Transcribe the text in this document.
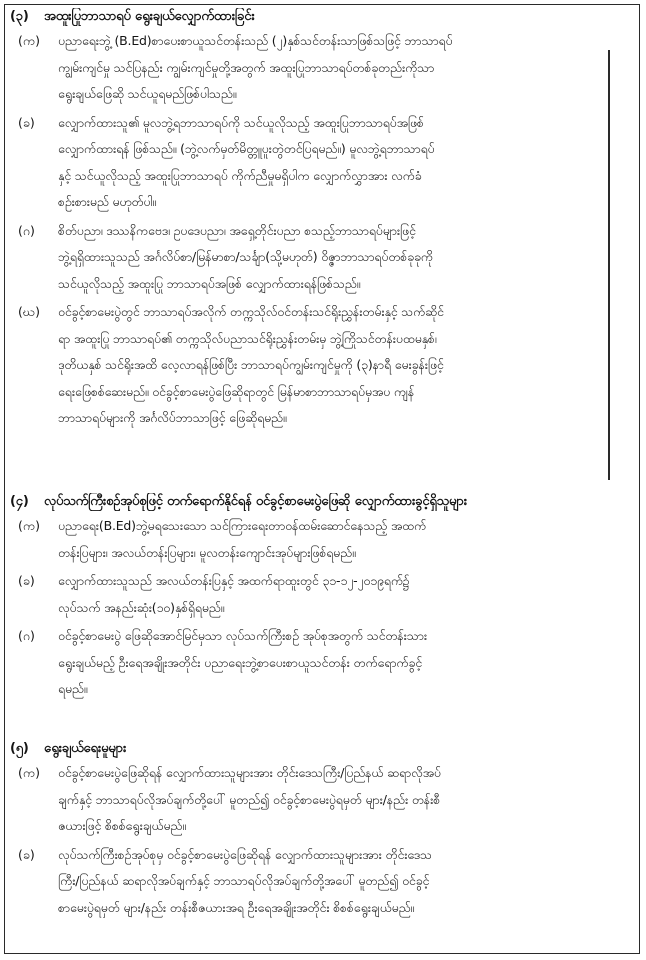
(၃)	အထူးပြုဘာသာရပ် ရွေးချယ်လျှောက်ထားခြင်း
(က)	ပညာရေးဘွဲ့ (B.Ed)စာပေးစာယူသင်တန်းသည် (၂)နှစ်သင်တန်းသာဖြစ်သဖြင့် ဘာသာရပ်
ကျွမ်းကျင်မှု သင်ပြနည်း ကျွမ်းကျင်မှုတို့အတွက် အထူးပြုဘာသာရပ်တစ်ခုတည်းကိုသာ
ရွေးချယ်ဖြေဆို သင်ယူရမည်ဖြစ်ပါသည်။
(ခ)	လျှောက်ထားသူ၏ မူလဘွဲ့ရဘာသာရပ်ကို သင်ယူလိုသည့် အထူးပြုဘာသာရပ်အဖြစ်
လျှောက်ထားရန် ဖြစ်သည်။ (ဘွဲ့လက်မှတ်မိတ္တူပူးတွဲတင်ပြရမည်။) မူလဘွဲ့ရဘာသာရပ်
နှင့် သင်ယူလိုသည့် အထူးပြုဘာသာရပ် ကိုက်ညီမှုမရှိပါက လျှောက်လွှာအား လက်ခံ
စဉ်းစားမည် မဟုတ်ပါ။
(ဂ)	စိတ်ပညာ၊ ဒဿနိကဗေဒ၊ ဥပဒေပညာ၊ အရှေ့တိုင်းပညာ စသည့်ဘာသာရပ်များဖြင့်
ဘွဲ့ရရှိထားသူသည် အင်္ဂလိပ်စာ/မြန်မာစာ/သင်္ချာ(သို့မဟုတ်) ဝိဇ္ဇာဘာသာရပ်တစ်ခုခုကို
သင်ယူလိုသည့် အထူးပြု ဘာသာရပ်အဖြစ် လျှောက်ထားရန်ဖြစ်သည်။
(ဃ)	ဝင်ခွင့်စာမေးပွဲတွင် ဘာသာရပ်အလိုက် တက္ကသိုလ်ဝင်တန်းသင်ရိုးညွှန်းတမ်းနှင့် သက်ဆိုင်
ရာ အထူးပြု ဘာသာရပ်၏ တက္ကသိုလ်ပညာသင်ရိုးညွှန်းတမ်းမှ ဘွဲ့ကြိုသင်တန်းပထမနှစ်၊
ဒုတိယနှစ် သင်ရိုးအထိ လေ့လာရန်ဖြစ်ပြီး ဘာသာရပ်ကျွမ်းကျင်မှုကို (၃)နာရီ မေးခွန်းဖြင့်
ရေးဖြေစစ်ဆေးမည်။ ဝင်ခွင့်စာမေးပွဲဖြေဆိုရာတွင် မြန်မာစာဘာသာရပ်မှအပ ကျန်
ဘာသာရပ်များကို အင်္ဂလိပ်ဘာသာဖြင့် ဖြေဆိုရမည်။
(၄)	လုပ်သက်ကြီးစဉ်အုပ်စုဖြင့် တက်ရောက်နိုင်ရန် ဝင်ခွင့်စာမေးပွဲဖြေဆို လျှောက်ထားခွင့်ရှိသူများ
(က)	ပညာရေး(B.Ed)ဘွဲ့မရသေးသော သင်ကြားရေးတာဝန်ထမ်းဆောင်နေသည့် အထက်
တန်းပြများ၊ အလယ်တန်းပြများ၊ မူလတန်းကျောင်းအုပ်များဖြစ်ရမည်။
(ခ)	လျှောက်ထားသူသည် အလယ်တန်းပြနှင့် အထက်ရာထူးတွင် ၃၁-၁၂-၂၀၁၉ရက်၌
လုပ်သက် အနည်းဆုံး(၁၀)နှစ်ရှိရမည်။
(ဂ)	ဝင်ခွင့်စာမေးပွဲ ဖြေဆိုအောင်မြင်မှသာ လုပ်သက်ကြီးစဉ် အုပ်စုအတွက် သင်တန်းသား
ရွေးချယ်မည့် ဦးရေအချိုးအတိုင်း ပညာရေးဘွဲ့စာပေးစာယူသင်တန်း တက်ရောက်ခွင့်
ရမည်။
(၅)	ရွေးချယ်ရေးမူများ
(က)	ဝင်ခွင့်စာမေးပွဲဖြေဆိုရန် လျှောက်ထားသူများအား တိုင်းဒေသကြီး/ပြည်နယ် ဆရာလိုအပ်
ချက်နှင့် ဘာသာရပ်လိုအပ်ချက်တို့ပေါ် မူတည်၍ ဝင်ခွင့်စာမေးပွဲရမှတ် များ/နည်း တန်းစီ
ဇယားဖြင့် စိစစ်ရွေးချယ်မည်။
(ခ)	လုပ်သက်ကြီးစဉ်အုပ်စုမှ ဝင်ခွင့်စာမေးပွဲဖြေဆိုရန် လျှောက်ထားသူများအား တိုင်းဒေသ
ကြီး/ပြည်နယ် ဆရာလိုအပ်ချက်နှင့် ဘာသာရပ်လိုအပ်ချက်တို့အပေါ် မူတည်၍ ဝင်ခွင့်
စာမေးပွဲရမှတ် များ/နည်း တန်းစီဇယားအရ ဦးရေအချိုးအတိုင်း စိစစ်ရွေးချယ်မည်။
